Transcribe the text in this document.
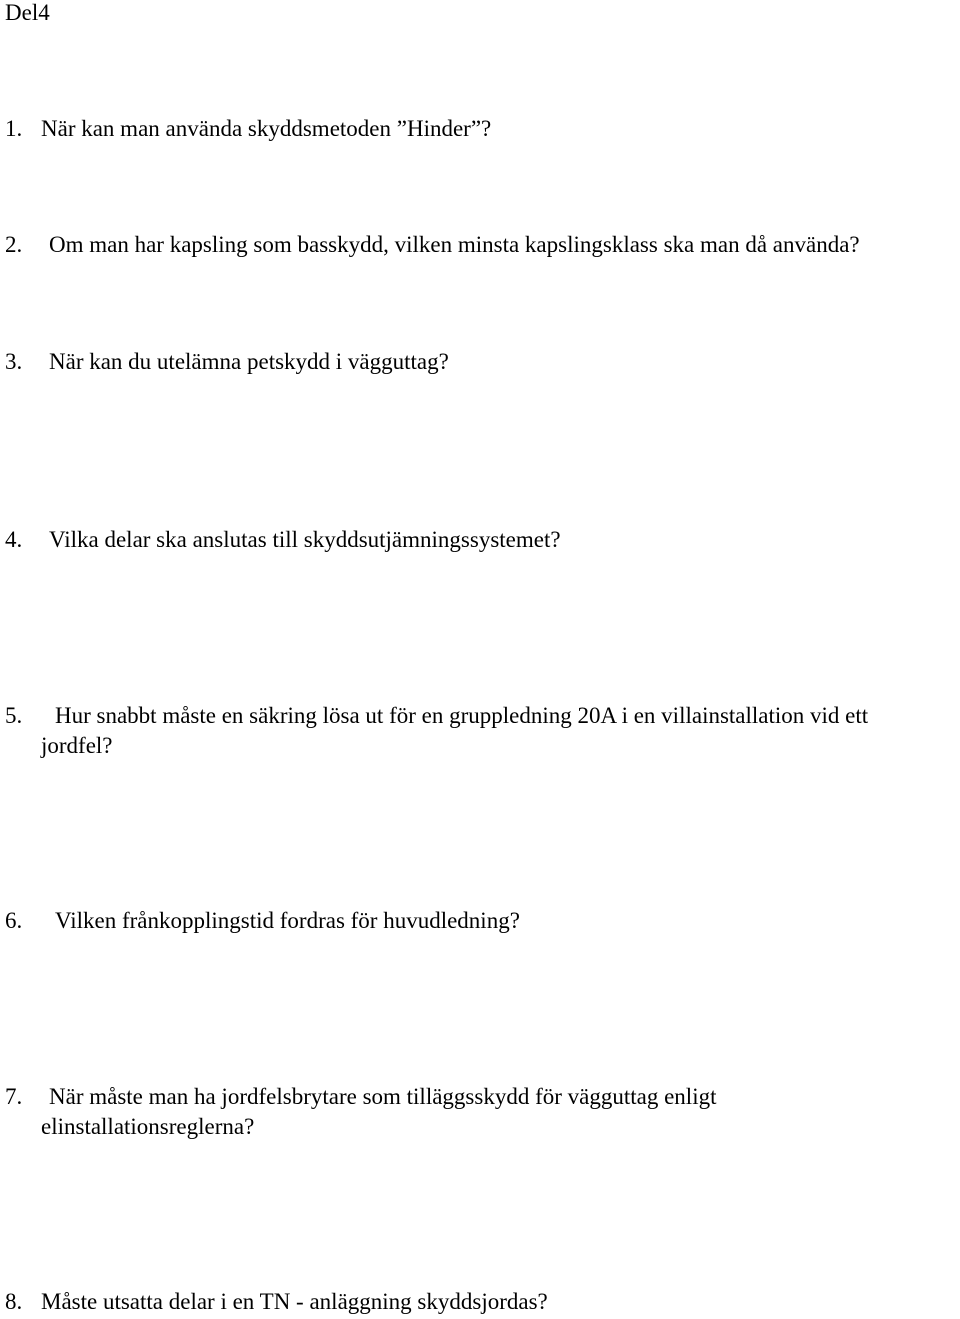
Del4
1. När kan man använda skyddsmetoden ”Hinder”?
2. Om man har kapsling som basskydd, vilken minsta kapslingsklass ska man då använda?
3. När kan du utelämna petskydd i vägguttag?
4. Vilka delar ska anslutas till skyddsutjämningssystemet?
5. Hur snabbt måste en säkring lösa ut för en gruppledning 20A i en villainstallation vid ett
jordfel?
6. Vilken frånkopplingstid fordras för huvudledning?
7. När måste man ha jordfelsbrytare som tilläggsskydd för vägguttag enligt
elinstallationsreglerna?
8. Måste utsatta delar i en TN - anläggning skyddsjordas?
